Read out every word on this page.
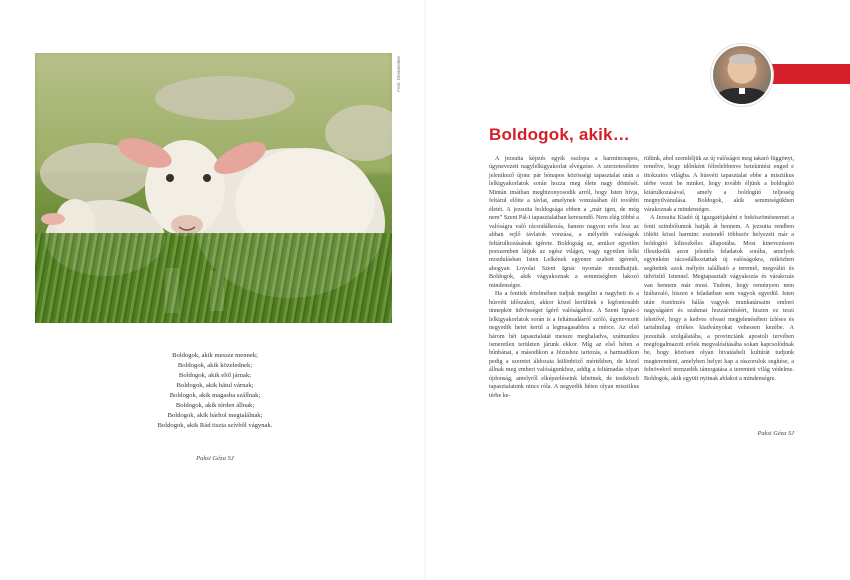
Fotó: Dreamstime
Boldogok, akik messze mennek;
Boldogok, akik közelednek;
Boldogok, akik elöl járnak;
Boldogok, akik hátul várnak;
Boldogok, akik magasba szállnak;
Boldogok, akik térden állnak;
Boldogok, akik bárhol megtalálnak;
Boldogok, akik Rád tiszta szívből vágynak.
Paksi Géza SJ
Boldogok, akik…

A jezsuita képzés egyik oszlopa a harmincnapos, úgynevezett nagylelkigyakorlat elvégzése. A szerzeteséletre jelentkező újonc pár hónapos közösségi tapasztalat után a lelkigyakorlatok során hozza meg élete nagy döntését. Mintán imáiban megbizonyosodik arról, hogy Isten hívja, feltárul előtte a távlat, amelynek vonzásában éli további életét. A jezsuita boldogsága ebben a „már igen, de még nem” Szent Pál-i tapasztalatban keresendő. Nem elég többé a valóságra való rácsodálkozás, hanem nagyon erős lesz az abban rejlő távlatok vonzása, a mélyebb valóságok feltárulkozásának igérete. Boldogság az, amikor egyetlen porszemben látjuk az egész világot, vagy egyetlen lelki mozdulásban Isten Lelkének egyenre szabott igéretét, ahogyan Loyolai Szent Ignác nyomán mondhatjuk. Boldogok, akik vágyakoznak a semmiségben lakozó mindenségre.

Ha a fentiek értelmében tudjuk megélni a nagyheti és a húsvéti időszakot, akkor közel kerülünk e legfontosabb ünnepkör üdvösséget ígérő valóságához. A Szent Ignác-i lelkigyakorlatok során is a feltámadásról szóló, úgynevezett negyedik hetet kerül a legmagasabbra a mérce. Az első három hét tapasztalatát messze meghaladva, számunkra ismeretlen területen járunk ekkor. Míg az első héten a bűnbánat, a másodikon a Jézushoz tartozás, a harmadikon pedig a szeretet áldozata különböző mértékben, de közel állnak meg emberi valóságunkhoz, addig a feltámadás olyan újdonság, amelyről elképzeléseink lehetnek, de testközeli tapasztalatunk nincs róla. A negyedik héten olyan misztikus térbe ke-

rülünk, ahol szemléljük az új valóságot meg takaró függönyt, remélve, hogy időnként félrelebbenve betekintést enged e titokzatos világba. A húsvéti tapasztalat ebbe a misztikus térbe vezet be minket, hogy tovább éljünk a boldogító kitárulkozásával, amely a boldogító teljesség megnyilvánulása. Boldogok, akik semmiségükben várakoznak a mindenségre.

A Jezsuita Kiadó új igazgatójaként e beköszöntésnemet a fenti szimbólumok hatják át bennem. A jezsuita rendben töltött közel harminc esztendő többször helyezett már a boldogító kilieszkéles állapotába. Most kinevezésem illeszkedik azon jelentős feladatok sorába, amelyek egyenként rácsodálkoztattak új valóságokra, miközben segítettek azok mélyén található a teremtő, megváltó és üdvözítő Istennel. Megtapasztalt vágyakozás és várakozás van bennem már most. Tudom, hogy reményem nem hiábavaló, hiszen e feladatban sem vagyok egyedül. Isten után ösztönzés hálás vagyok munkatársaim emberi nagyságáért és szakmai hozzáértéséért, hiszen ez teszi lehetővé, hogy a kedves olvasó megjelenésében ízléses és tartalmilag értékes kiadványokat vehessen kezébe. A jezsuiták szolgálatába, a provinciánk apostoli tervében megfogalmazott erőek megvalósításába sokan kapcsolódnak be, hogy közösen olyan hivatásbeli kultúrát tudjunk megteremteni, amelyben helyet kap a rászorulok segítése, a felnövekvő nemzedék támogatása a teremtett világ védelme. Boldogok, akik együtt nyitnak ablakot a mindenségre.

Paksi Géza SJ
